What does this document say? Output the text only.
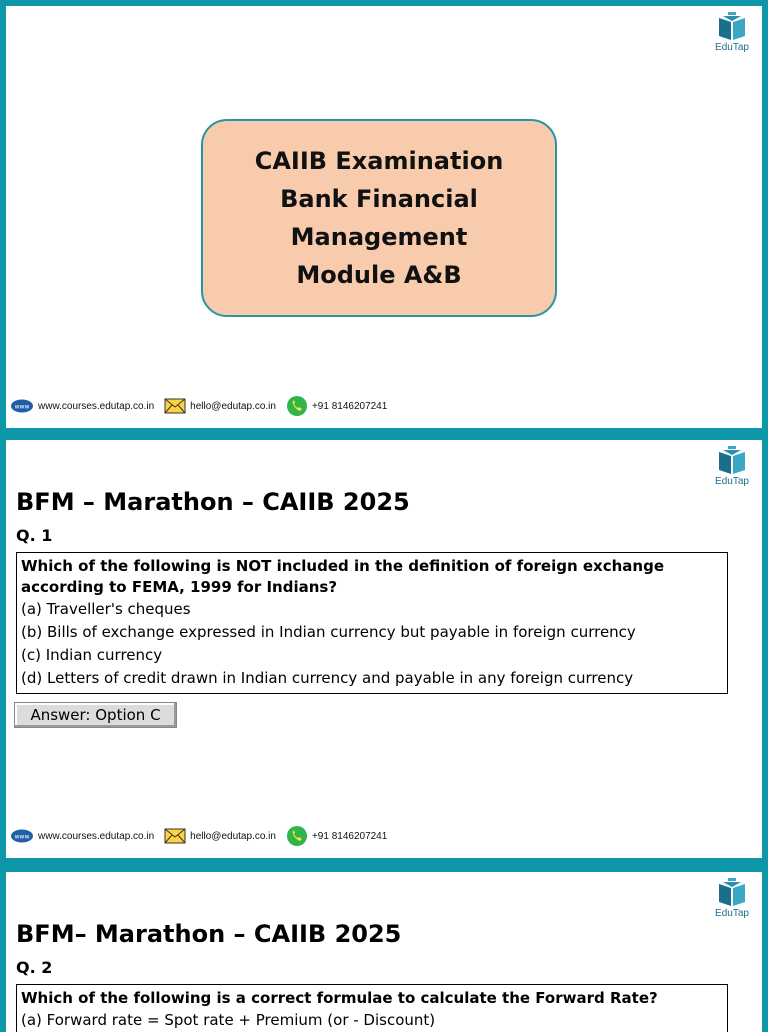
EduTap
CAIIB Examination
Bank Financial
Management
Module A&B
www www.courses.edutap.co.in	hello@edutap.co.in	+91 8146207241
EduTap
BFM – Marathon – CAIIB 2025
Q. 1
Which of the following is NOT included in the definition of foreign exchange according to FEMA, 1999 for Indians?
(a) Traveller's cheques
(b) Bills of exchange expressed in Indian currency but payable in foreign currency
(c) Indian currency
(d) Letters of credit drawn in Indian currency and payable in any foreign currency
Answer: Option C
www www.courses.edutap.co.in	hello@edutap.co.in	+91 8146207241
EduTap
BFM– Marathon – CAIIB 2025
Q. 2
Which of the following is a correct formulae to calculate the Forward Rate?
(a) Forward rate = Spot rate + Premium (or - Discount)
